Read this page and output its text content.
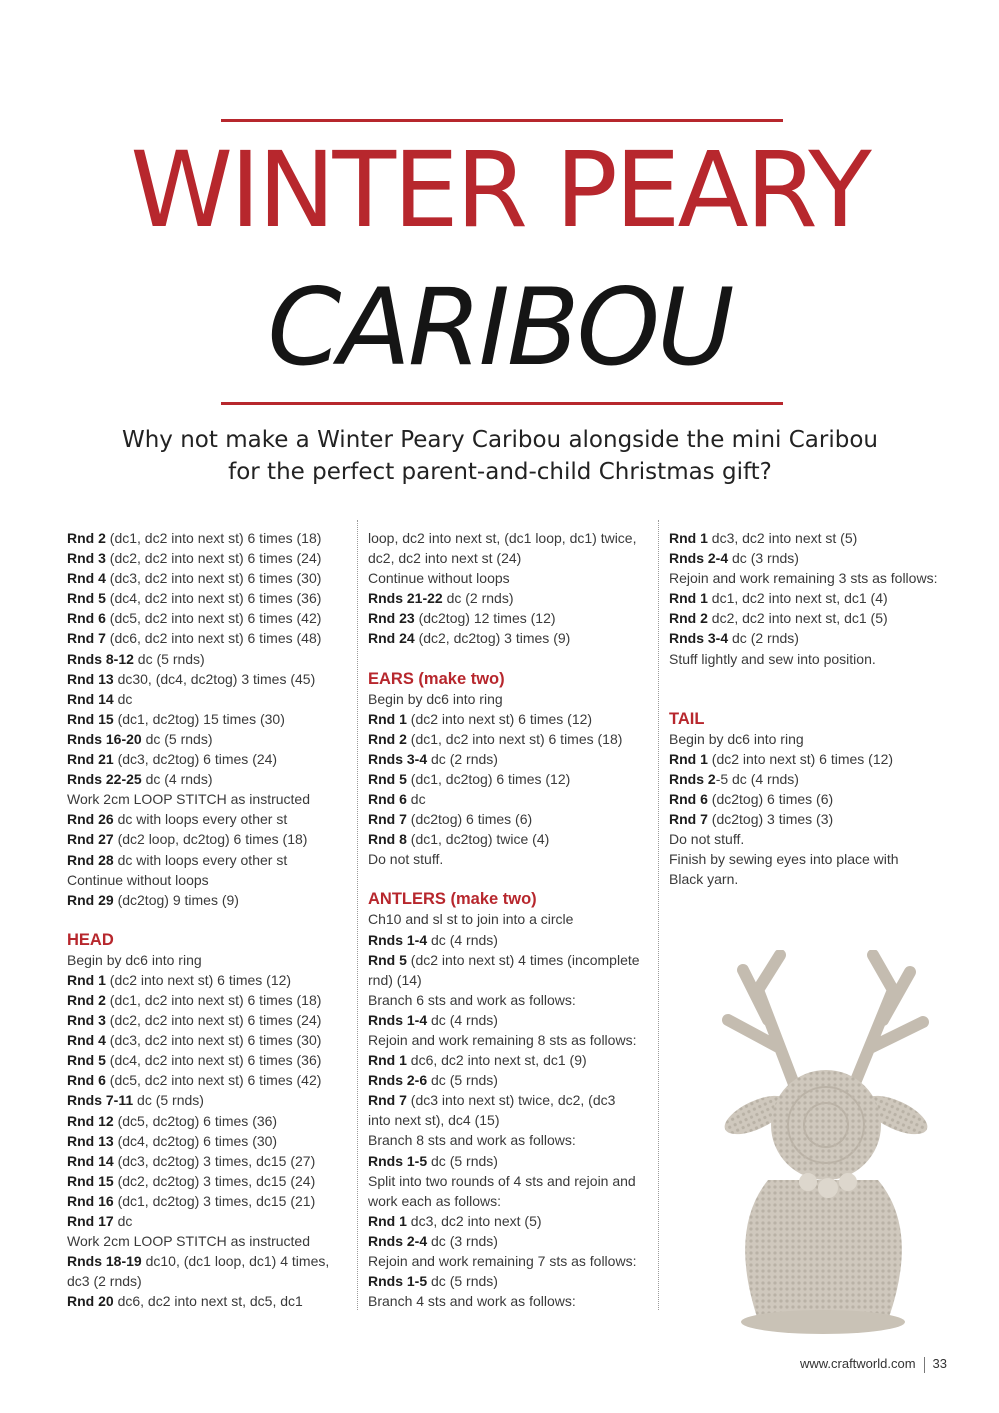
WINTER PEARY
CARIBOU
Why not make a Winter Peary Caribou alongside the mini Caribou
for the perfect parent-and-child Christmas gift?
Rnd 2 (dc1, dc2 into next st) 6 times (18)
Rnd 3 (dc2, dc2 into next st) 6 times (24)
Rnd 4 (dc3, dc2 into next st) 6 times (30)
Rnd 5 (dc4, dc2 into next st) 6 times (36)
Rnd 6 (dc5, dc2 into next st) 6 times (42)
Rnd 7 (dc6, dc2 into next st) 6 times (48)
Rnds 8-12 dc (5 rnds)
Rnd 13 dc30, (dc4, dc2tog) 3 times (45)
Rnd 14 dc
Rnd 15 (dc1, dc2tog) 15 times (30)
Rnds 16-20 dc (5 rnds)
Rnd 21 (dc3, dc2tog) 6 times (24)
Rnds 22-25 dc (4 rnds)
Work 2cm LOOP STITCH as instructed
Rnd 26 dc with loops every other st
Rnd 27 (dc2 loop, dc2tog) 6 times (18)
Rnd 28 dc with loops every other st
Continue without loops
Rnd 29 (dc2tog) 9 times (9)
HEAD
Begin by dc6 into ring
Rnd 1 (dc2 into next st) 6 times (12)
Rnd 2 (dc1, dc2 into next st) 6 times (18)
Rnd 3 (dc2, dc2 into next st) 6 times (24)
Rnd 4 (dc3, dc2 into next st) 6 times (30)
Rnd 5 (dc4, dc2 into next st) 6 times (36)
Rnd 6 (dc5, dc2 into next st) 6 times (42)
Rnds 7-11 dc (5 rnds)
Rnd 12 (dc5, dc2tog) 6 times (36)
Rnd 13 (dc4, dc2tog) 6 times (30)
Rnd 14 (dc3, dc2tog) 3 times, dc15 (27)
Rnd 15 (dc2, dc2tog) 3 times, dc15 (24)
Rnd 16 (dc1, dc2tog) 3 times, dc15 (21)
Rnd 17 dc
Work 2cm LOOP STITCH as instructed
Rnds 18-19 dc10, (dc1 loop, dc1) 4 times,
dc3 (2 rnds)
Rnd 20 dc6, dc2 into next st, dc5, dc1
loop, dc2 into next st, (dc1 loop, dc1) twice,
dc2, dc2 into next st (24)
Continue without loops
Rnds 21-22 dc (2 rnds)
Rnd 23 (dc2tog) 12 times (12)
Rnd 24 (dc2, dc2tog) 3 times (9)
EARS (make two)
Begin by dc6 into ring
Rnd 1 (dc2 into next st) 6 times (12)
Rnd 2 (dc1, dc2 into next st) 6 times (18)
Rnds 3-4 dc (2 rnds)
Rnd 5 (dc1, dc2tog) 6 times (12)
Rnd 6 dc
Rnd 7 (dc2tog) 6 times (6)
Rnd 8 (dc1, dc2tog) twice (4)
Do not stuff.
ANTLERS (make two)
Ch10 and sl st to join into a circle
Rnds 1-4 dc (4 rnds)
Rnd 5 (dc2 into next st) 4 times (incomplete
rnd) (14)
Branch 6 sts and work as follows:
Rnds 1-4 dc (4 rnds)
Rejoin and work remaining 8 sts as follows:
Rnd 1 dc6, dc2 into next st, dc1 (9)
Rnds 2-6 dc (5 rnds)
Rnd 7 (dc3 into next st) twice, dc2, (dc3
into next st), dc4 (15)
Branch 8 sts and work as follows:
Rnds 1-5 dc (5 rnds)
Split into two rounds of 4 sts and rejoin and
work each as follows:
Rnd 1 dc3, dc2 into next (5)
Rnds 2-4 dc (3 rnds)
Rejoin and work remaining 7 sts as follows:
Rnds 1-5 dc (5 rnds)
Branch 4 sts and work as follows:
Rnd 1 dc3, dc2 into next st (5)
Rnds 2-4 dc (3 rnds)
Rejoin and work remaining 3 sts as follows:
Rnd 1 dc1, dc2 into next st, dc1 (4)
Rnd 2 dc2, dc2 into next st, dc1 (5)
Rnds 3-4 dc (2 rnds)
Stuff lightly and sew into position.
TAIL
Begin by dc6 into ring
Rnd 1 (dc2 into next st) 6 times (12)
Rnds 2-5 dc (4 rnds)
Rnd 6 (dc2tog) 6 times (6)
Rnd 7 (dc2tog) 3 times (3)
Do not stuff.
Finish by sewing eyes into place with
Black yarn.
www.craftworld.com 33
